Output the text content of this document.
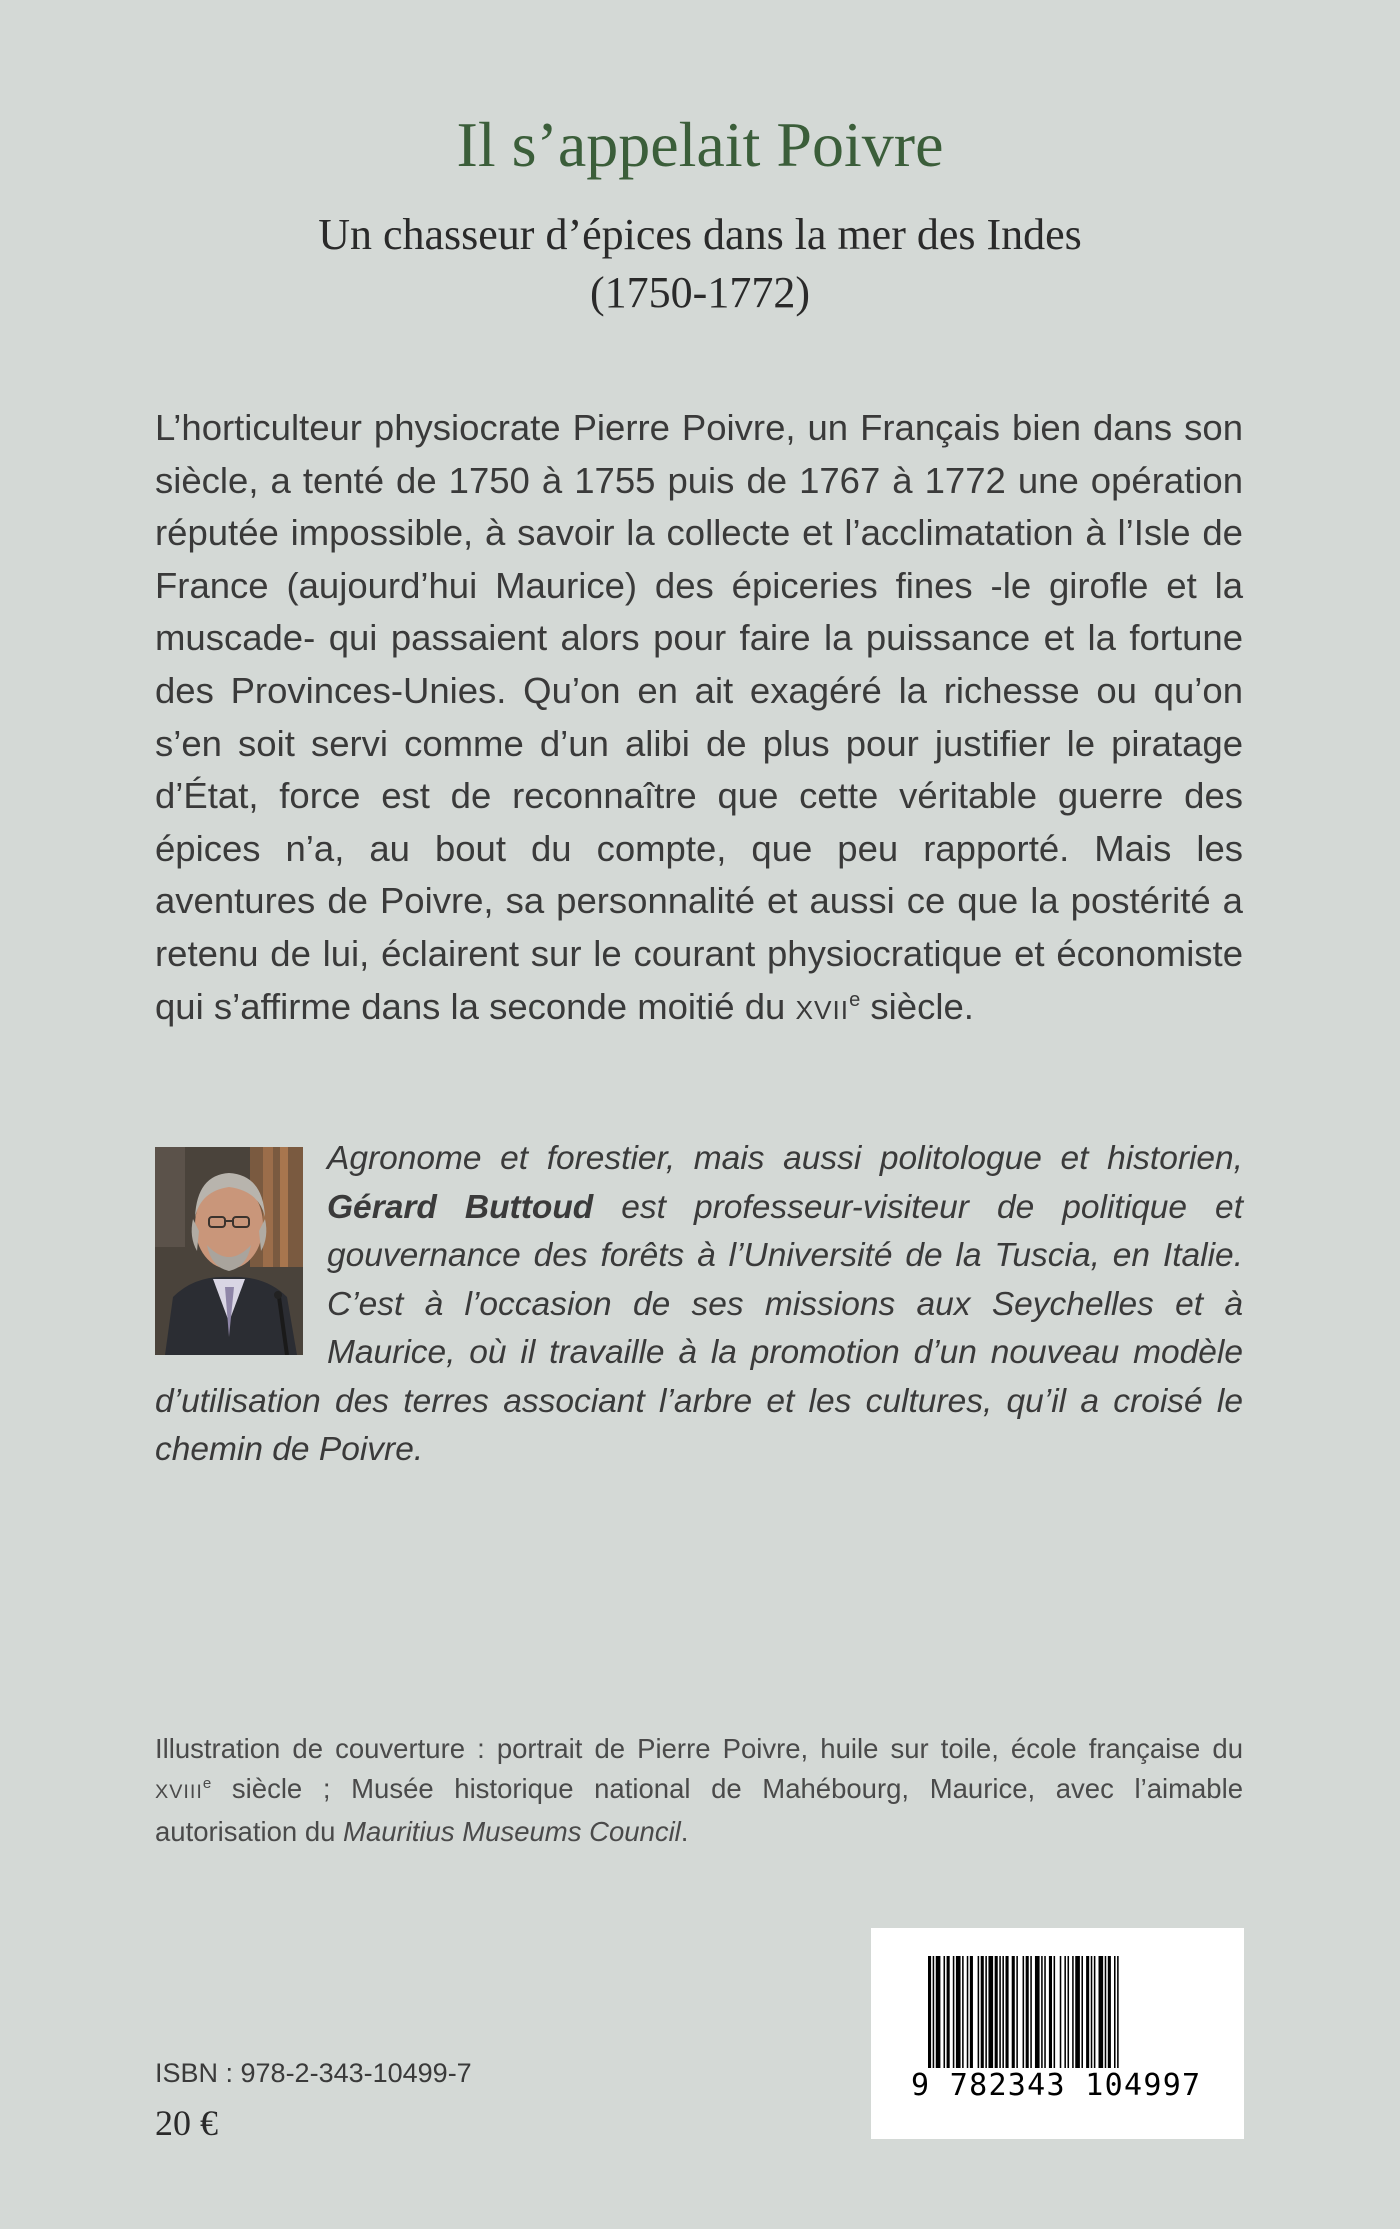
Il s’appelait Poivre
Un chasseur d’épices dans la mer des Indes
(1750-1772)

L’horticulteur physiocrate Pierre Poivre, un Français bien dans son siècle, a tenté de 1750 à 1755 puis de 1767 à 1772 une opération réputée impossible, à savoir la collecte et l’acclimatation à l’Isle de France (aujourd’hui Maurice) des épiceries fines -le girofle et la muscade- qui passaient alors pour faire la puissance et la fortune des Provinces-Unies. Qu’on en ait exagéré la richesse ou qu’on s’en soit servi comme d’un alibi de plus pour justifier le piratage d’État, force est de reconnaître que cette véritable guerre des épices n’a, au bout du compte, que peu rapporté. Mais les aventures de Poivre, sa personnalité et aussi ce que la postérité a retenu de lui, éclairent sur le courant physiocratique et économiste qui s’affirme dans la seconde moitié du XVIIe siècle.

Agronome et forestier, mais aussi politologue et historien, Gérard Buttoud est professeur-visiteur de politique et gouvernance des forêts à l’Université de la Tuscia, en Italie. C’est à l’occasion de ses missions aux Seychelles et à Maurice, où il travaille à la promotion d’un nouveau modèle d’utilisation des terres associant l’arbre et les cultures, qu’il a croisé le chemin de Poivre.

Illustration de couverture : portrait de Pierre Poivre, huile sur toile, école française du XVIIIe siècle ; Musée historique national de Mahébourg, Maurice, avec l’aimable autorisation du Mauritius Museums Council.

ISBN : 978-2-343-10499-7

20 €

9 782343 104997
